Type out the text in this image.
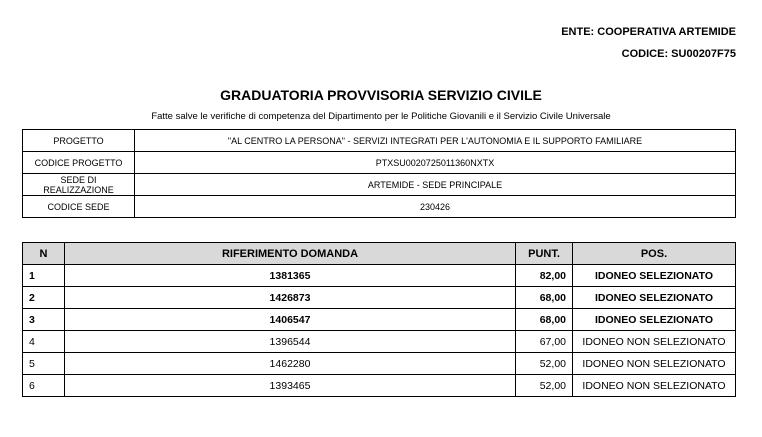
ENTE: COOPERATIVA ARTEMIDE
CODICE: SU00207F75
GRADUATORIA PROVVISORIA SERVIZIO CIVILE
Fatte salve le verifiche di competenza del Dipartimento per le Politiche Giovanili e il Servizio Civile Universale
PROGETTO	"AL CENTRO LA PERSONA" - SERVIZI INTEGRATI PER L'AUTONOMIA E IL SUPPORTO FAMILIARE
CODICE PROGETTO	PTXSU0020725011360NXTX
SEDE DI REALIZZAZIONE	ARTEMIDE - SEDE PRINCIPALE
CODICE SEDE	230426
N	RIFERIMENTO DOMANDA	PUNT.	POS.
1	1381365	82,00	IDONEO SELEZIONATO
2	1426873	68,00	IDONEO SELEZIONATO
3	1406547	68,00	IDONEO SELEZIONATO
4	1396544	67,00	IDONEO NON SELEZIONATO
5	1462280	52,00	IDONEO NON SELEZIONATO
6	1393465	52,00	IDONEO NON SELEZIONATO
